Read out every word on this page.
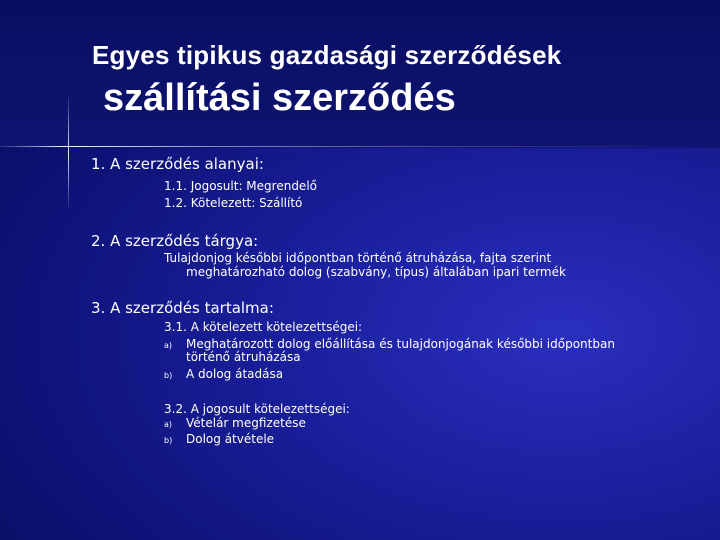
Egyes tipikus gazdasági szerződések
szállítási szerződés
1. A szerződés alanyai:
1.1. Jogosult: Megrendelő
1.2. Kötelezett: Szállító
2. A szerződés tárgya:
Tulajdonjog későbbi időpontban történő átruházása, fajta szerint
meghatározható dolog (szabvány, típus) általában ipari termék
3. A szerződés tartalma:
3.1. A kötelezett kötelezettségei:
a) Meghatározott dolog előállítása és tulajdonjogának későbbi időpontban
történő átruházása
b) A dolog átadása
3.2. A jogosult kötelezettségei:
a) Vételár megfizetése
b) Dolog átvétele
